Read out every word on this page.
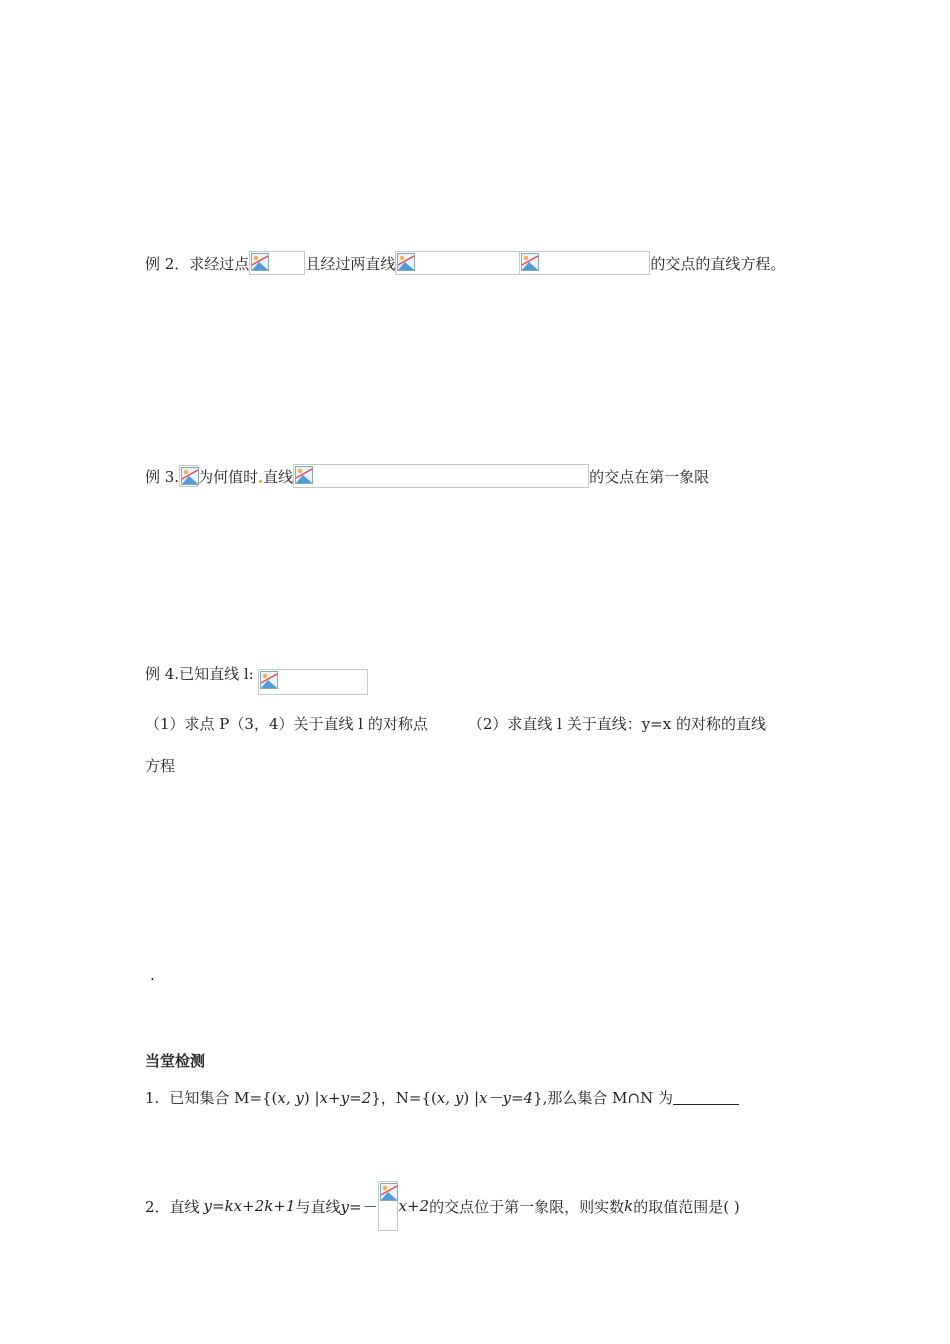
例 2．求经过点	且经过两直线	的交点的直线方程。
例 3. 为何值时 直线	的交点在第一象限
例 4.已知直线 l:
（1）求点 P（3，4）关于直线 l 的对称点	（2）求直线 l 关于直线：y=x 的对称的直线
方程
.
当堂检测
1. 已知集合 M={( x, y ) | x+y=2 }，N={( x, y ) | x－y=4 },那么集合 M∩N 为
2．直线 y=kx+2k+1 与直线 y=－ x+2 的交点位于第一象限，则实数 k 的取值范围是( )
